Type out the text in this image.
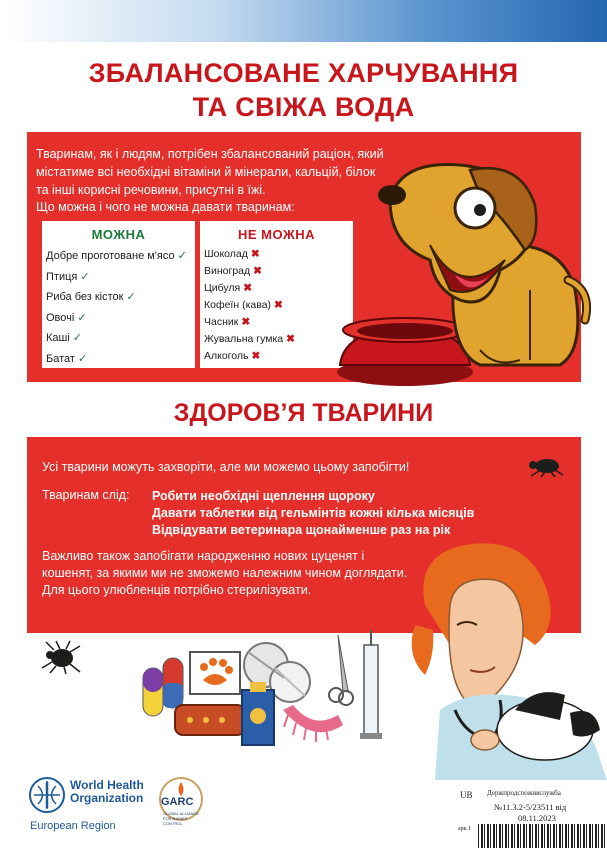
ЗБАЛАНСОВАНЕ ХАРЧУВАННЯ
ТА СВІЖА ВОДА

Тваринам, як і людям, потрібен збалансований раціон, який містатиме всі необхідні вітаміни й мінерали, кальцій, білок та інші корисні речовини, присутні в їжі.

Що можна і чого не можна давати тваринам:

МОЖНА
Добре проготоване м'ясо ✓
Птиця ✓
Риба без кісток ✓
Овочі ✓
Каші ✓
Батат ✓
НЕ МОЖНА
Шоколад ✖
Виноград ✖
Цибуля ✖
Кофеїн (кава) ✖
Часник ✖
Жувальна гумка ✖
Алкоголь ✖
ЗДОРОВ’Я ТВАРИНИ

Усі тварини можуть захворіти, але ми можемо цьому запобігти!

Тваринам слід: Робити необхідні щеплення щороку
Давати таблетки від гельмінтів кожні кілька місяців
Відвідувати ветеринара щонайменше раз на рік

Важливо також запобігати народженню нових цуценят і кошенят, за якими ми не зможемо належним чином доглядати. Для цього улюбленців потрібно стерилізувати.

World Health
Organization
European Region
GARC
GLOBAL ALLIANCE FOR RABIES CONTROL
UB Держпродспоживслужба
№11.3.2-5/23511 від
08.11.2023
арк.1
